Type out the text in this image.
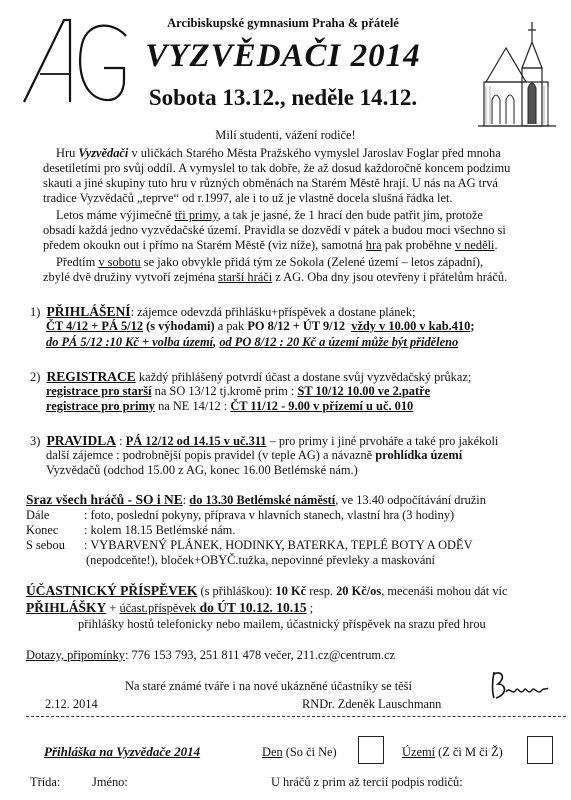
Arcibiskupské gymnasium Praha & přátelé
VYZVĚDAČI 2014
Sobota 13.12., neděle 14.12.
Milí studenti, vážení rodiče!
Hru Vyzvědači v uličkách Starého Města Pražského vymyslel Jaroslav Foglar před mnoha
desetiletími pro svůj oddíl. A vymyslel to tak dobře, že až dosud každoročně koncem podzimu
skauti a jiné skupiny tuto hru v různých obměnách na Starém Městě hrají. U nás na AG trvá
tradice Vyzvědačů „teprve“ od r.1997, ale i to už je vlastně docela slušná řádka let.
Letos máme výjimečně tři primy, a tak je jasné, že 1 hrací den bude patřit jim, protože
obsadí každá jedno vyzvědačské území. Pravidla se dozvědí v pátek a budou moci všechno si
předem okoukn out i přímo na Starém Městě (viz níže), samotná hra pak proběhne v neděli.
Předtím v sobotu se jako obvykle přidá tým ze Sokola (Zelené území – letos západní),
zbylé dvě družiny vytvoří zejména starší hráči z AG. Oba dny jsou otevřeny i přátelům hráčů.
1) PŘIHLÁŠENÍ: zájemce odevzdá přihlášku+příspěvek a dostane plánek;
ČT 4/12 + PÁ 5/12 (s výhodami) a pak PO 8/12 + ÚT 9/12 vždy v 10.00 v kab.410;
do PÁ 5/12 :10 Kč + volba území, od PO 8/12 : 20 Kč a území může být přiděleno
2) REGISTRACE každý přihlášený potvrdí účast a dostane svůj vyzvědačský průkaz;
registrace pro starší na SO 13/12 tj.kromě prim : ST 10/12 10.00 ve 2.patře
registrace pro primy na NE 14/12 : ČT 11/12 - 9.00 v přízemí u uč. 010
3) PRAVIDLA : PÁ 12/12 od 14.15 v uč.311 – pro primy i jiné prvoháře a také pro jakékoli
další zájemce : podrobnější popis pravidel (v teple AG) a návazně prohlídka území
Vyzvědačů (odchod 15.00 z AG, konec 16.00 Betlémské nám.)
Sraz všech hráčů - SO i NE: do 13.30 Betlémské náměstí, ve 13.40 odpočítávání družin
Dále	: foto, poslední pokyny, příprava v hlavních stanech, vlastní hra (3 hodiny)
Konec : kolem 18.15 Betlémské nám.
S sebou : VYBARVENÝ PLÁNEK, HODINKY, BATERKA, TEPLÉ BOTY A ODĚV
(nepodceňte!), bloček+OBYČ.tužka, nepovinné převleky a maskování
ÚČASTNICKÝ PŘÍSPĚVEK (s přihláškou): 10 Kč resp. 20 Kč/os, mecenáši mohou dát víc
PŘIHLÁŠKY + účast.příspěvek do ÚT 10.12. 10.15 ;
přihlášky hostů telefonicky nebo mailem, účastnický příspěvek na srazu před hrou
Dotazy, připomínky: 776 153 793, 251 811 478 večer, 211.cz@centrum.cz
Na staré známé tváře i na nové ukázněné účastníky se těší
2.12. 2014	RNDr. Zdeněk Lauschmann
Přihláška na Vyzvědače 2014	Den (So či Ne)	Území (Z či M či Ž)
Třída:	Jméno:	U hráčů z prim až tercií podpis rodičů:
